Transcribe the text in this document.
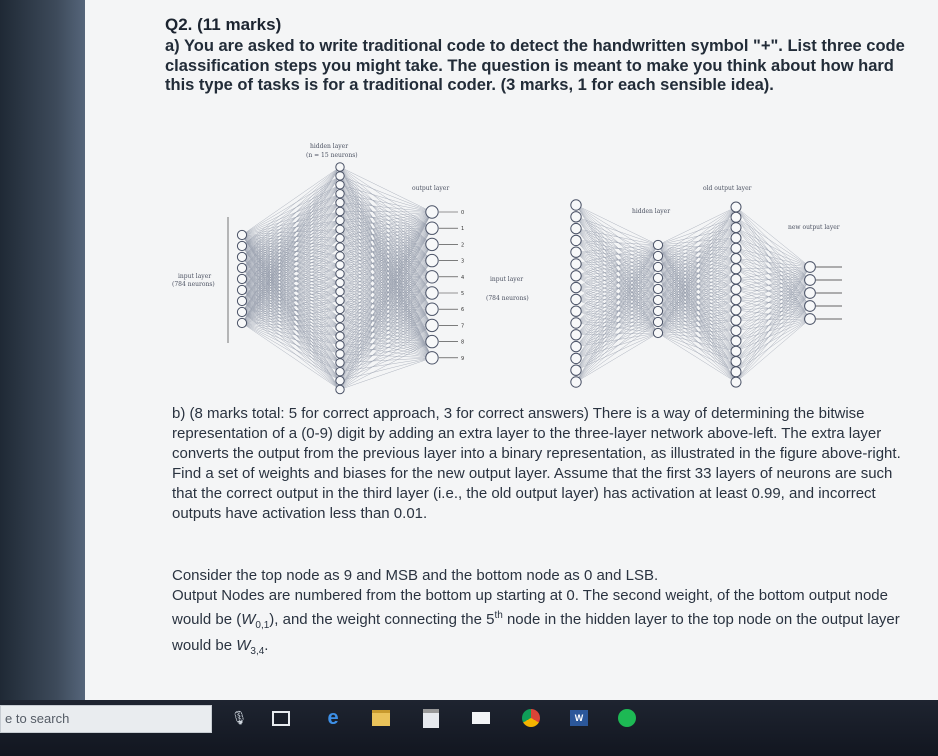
Q2. (11 marks)
a) You are asked to write traditional code to detect the handwritten symbol "+". List three code classification steps you might take. The question is meant to make you think about how hard this type of tasks is for a traditional coder. (3 marks, 1 for each sensible idea).
0
1
2
3
4
5
6
7
8
9
hidden layer
(n = 15 neurons)
output layer
input layer
(784 neurons)
input layer
(784 neurons)
old output layer
hidden layer
new output layer
b) (8 marks total: 5 for correct approach, 3 for correct answers) There is a way of determining the bitwise representation of a (0-9) digit by adding an extra layer to the three-layer network above-left. The extra layer converts the output from the previous layer into a binary representation, as illustrated in the figure above-right. Find a set of weights and biases for the new output layer. Assume that the first 33 layers of neurons are such that the correct output in the third layer (i.e., the old output layer) has activation at least 0.99, and incorrect outputs have activation less than 0.01.
Consider the top node as 9 and MSB and the bottom node as 0 and LSB.
Output Nodes are numbered from the bottom up starting at 0. The second weight, of the bottom output node would be $(W_{0,1})$, and the weight connecting the 5th node in the hidden layer to the top node on the output layer would be $W_{3,4}$.
e to search	🎙	e	W
